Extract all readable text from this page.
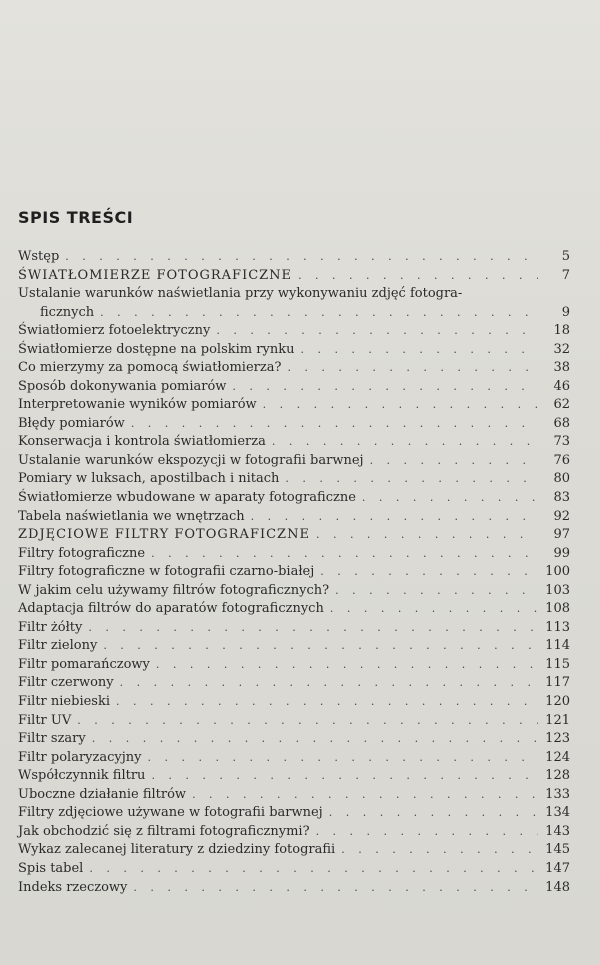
SPIS TREŚCI
Wstęp . . .	5
ŚWIATŁOMIERZE FOTOGRAFICZNE . . .	7
Ustalanie warunków naświetlania przy wykonywaniu zdjęć fotogra-
ficznych . . .	9
Światłomierz fotoelektryczny . . .	18
Światłomierze dostępne na polskim rynku . . .	32
Co mierzymy za pomocą światłomierza? . . .	38
Sposób dokonywania pomiarów . . .	46
Interpretowanie wyników pomiarów . . .	62
Błędy pomiarów . . .	68
Konserwacja i kontrola światłomierza . . .	73
Ustalanie warunków ekspozycji w fotografii barwnej . . .	76
Pomiary w luksach, apostilbach i nitach . . .	80
Światłomierze wbudowane w aparaty fotograficzne . . .	83
Tabela naświetlania we wnętrzach . . .	92
ZDJĘCIOWE FILTRY FOTOGRAFICZNE . . .	97
Filtry fotograficzne . . .	99
Filtry fotograficzne w fotografii czarno-białej . . .	100
W jakim celu używamy filtrów fotograficznych? . . .	103
Adaptacja filtrów do aparatów fotograficznych . . .	108
Filtr żółty . . .	113
Filtr zielony . . .	114
Filtr pomarańczowy . . .	115
Filtr czerwony . . .	117
Filtr niebieski . . .	120
Filtr UV . . .	121
Filtr szary . . .	123
Filtr polaryzacyjny . . .	124
Współczynnik filtru . . .	128
Uboczne działanie filtrów . . .	133
Filtry zdjęciowe używane w fotografii barwnej . . .	134
Jak obchodzić się z filtrami fotograficznymi? . . .	143
Wykaz zalecanej literatury z dziedziny fotografii . . .	145
Spis tabel . . .	147
Indeks rzeczowy . . .	148
